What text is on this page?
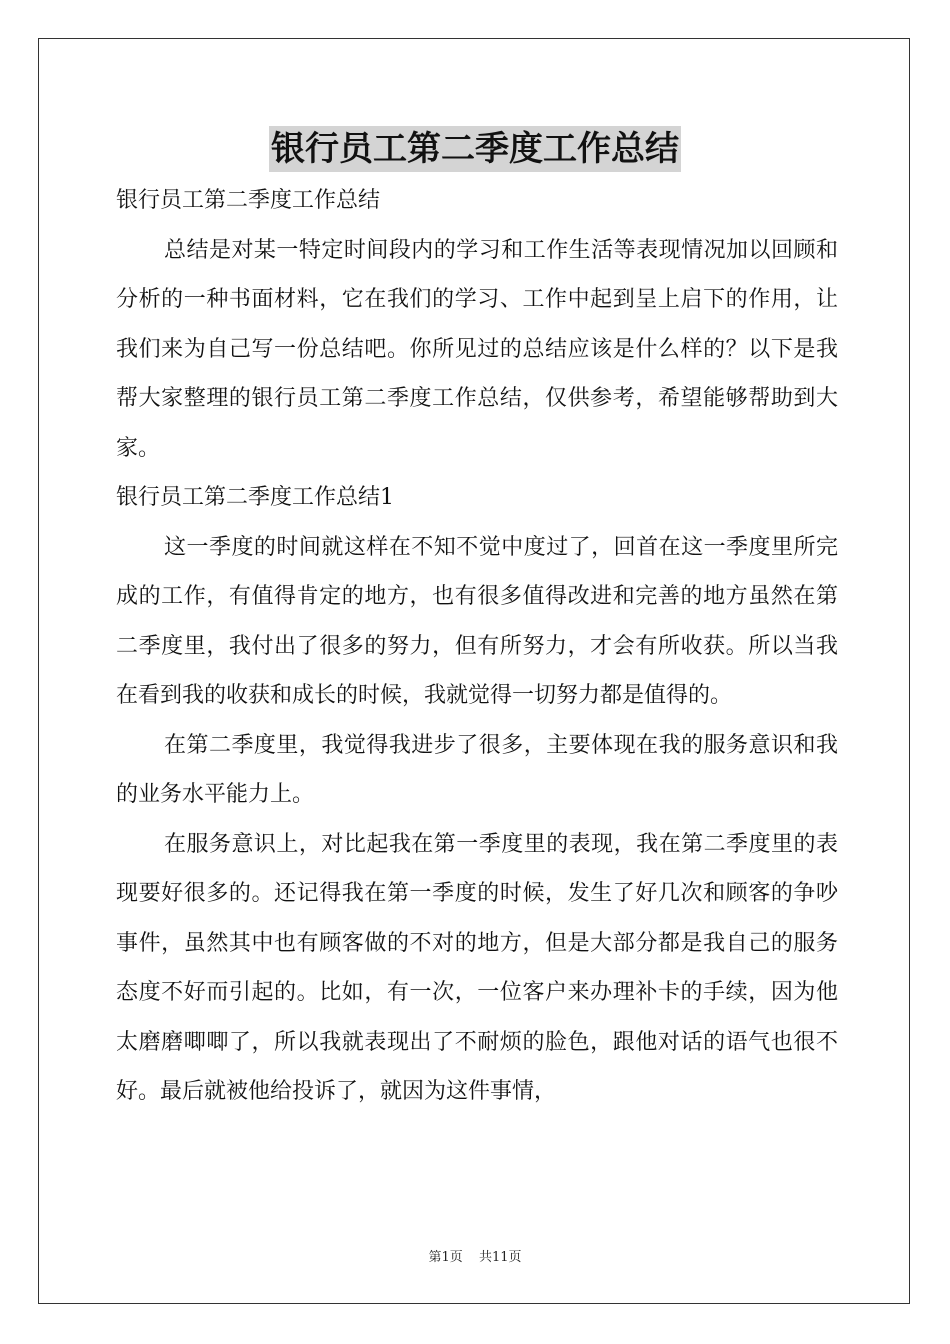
银行员工第二季度工作总结

银行员工第二季度工作总结

总结是对某一特定时间段内的学习和工作生活等表现情况加以回顾和分析的一种书面材料，它在我们的学习、工作中起到呈上启下的作用，让我们来为自己写一份总结吧。你所见过的总结应该是什么样的？以下是我帮大家整理的银行员工第二季度工作总结，仅供参考，希望能够帮助到大家。

银行员工第二季度工作总结1

这一季度的时间就这样在不知不觉中度过了，回首在这一季度里所完成的工作，有值得肯定的地方，也有很多值得改进和完善的地方虽然在第二季度里，我付出了很多的努力，但有所努力，才会有所收获。所以当我在看到我的收获和成长的时候，我就觉得一切努力都是值得的。

在第二季度里，我觉得我进步了很多，主要体现在我的服务意识和我的业务水平能力上。

在服务意识上，对比起我在第一季度里的表现，我在第二季度里的表现要好很多的。还记得我在第一季度的时候，发生了好几次和顾客的争吵事件，虽然其中也有顾客做的不对的地方，但是大部分都是我自己的服务态度不好而引起的。比如，有一次，一位客户来办理补卡的手续，因为他太磨磨唧唧了，所以我就表现出了不耐烦的脸色，跟他对话的语气也很不好。最后就被他给投诉了，就因为这件事情，

第1页 共11页
